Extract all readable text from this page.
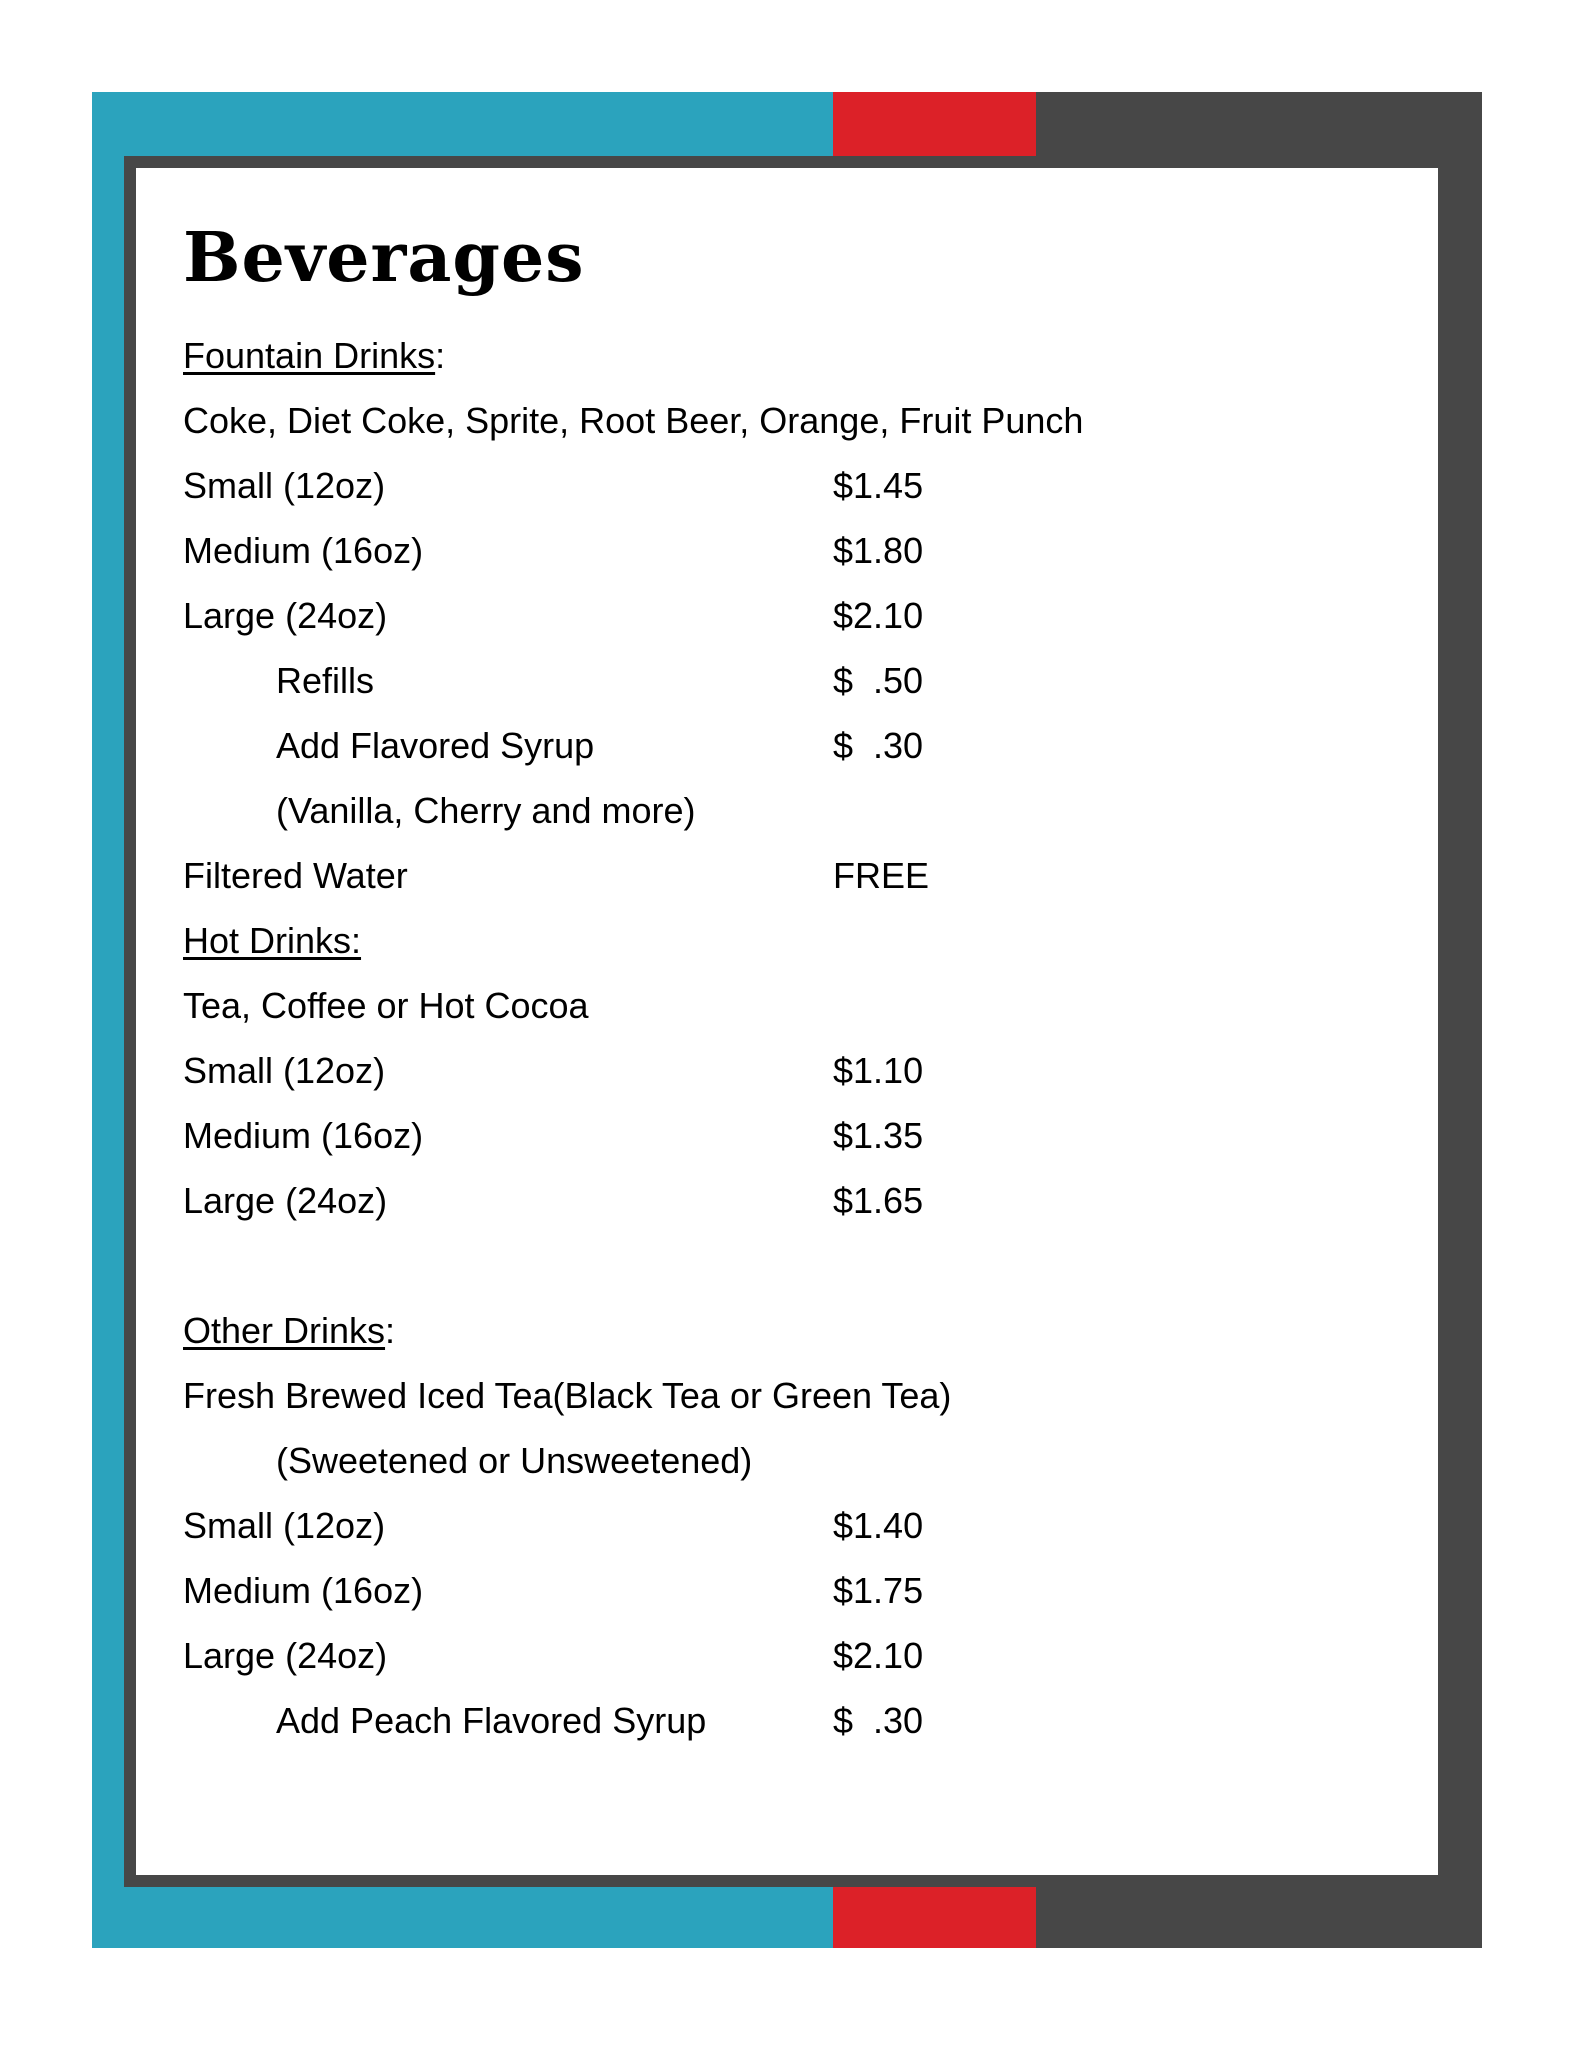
Beverages
Fountain Drinks:
Coke, Diet Coke, Sprite, Root Beer, Orange, Fruit Punch
Small (12oz)	$1.45
Medium (16oz)	$1.80
Large (24oz)	$2.10
Refills	$  .50
Add Flavored Syrup	$  .30
(Vanilla, Cherry and more)
Filtered Water	FREE
Hot Drinks:
Tea, Coffee or Hot Cocoa
Small (12oz)	$1.10
Medium (16oz)	$1.35
Large (24oz)	$1.65
Other Drinks:
Fresh Brewed Iced Tea(Black Tea or Green Tea)
(Sweetened or Unsweetened)
Small (12oz)	$1.40
Medium (16oz)	$1.75
Large (24oz)	$2.10
Add Peach Flavored Syrup	$  .30
